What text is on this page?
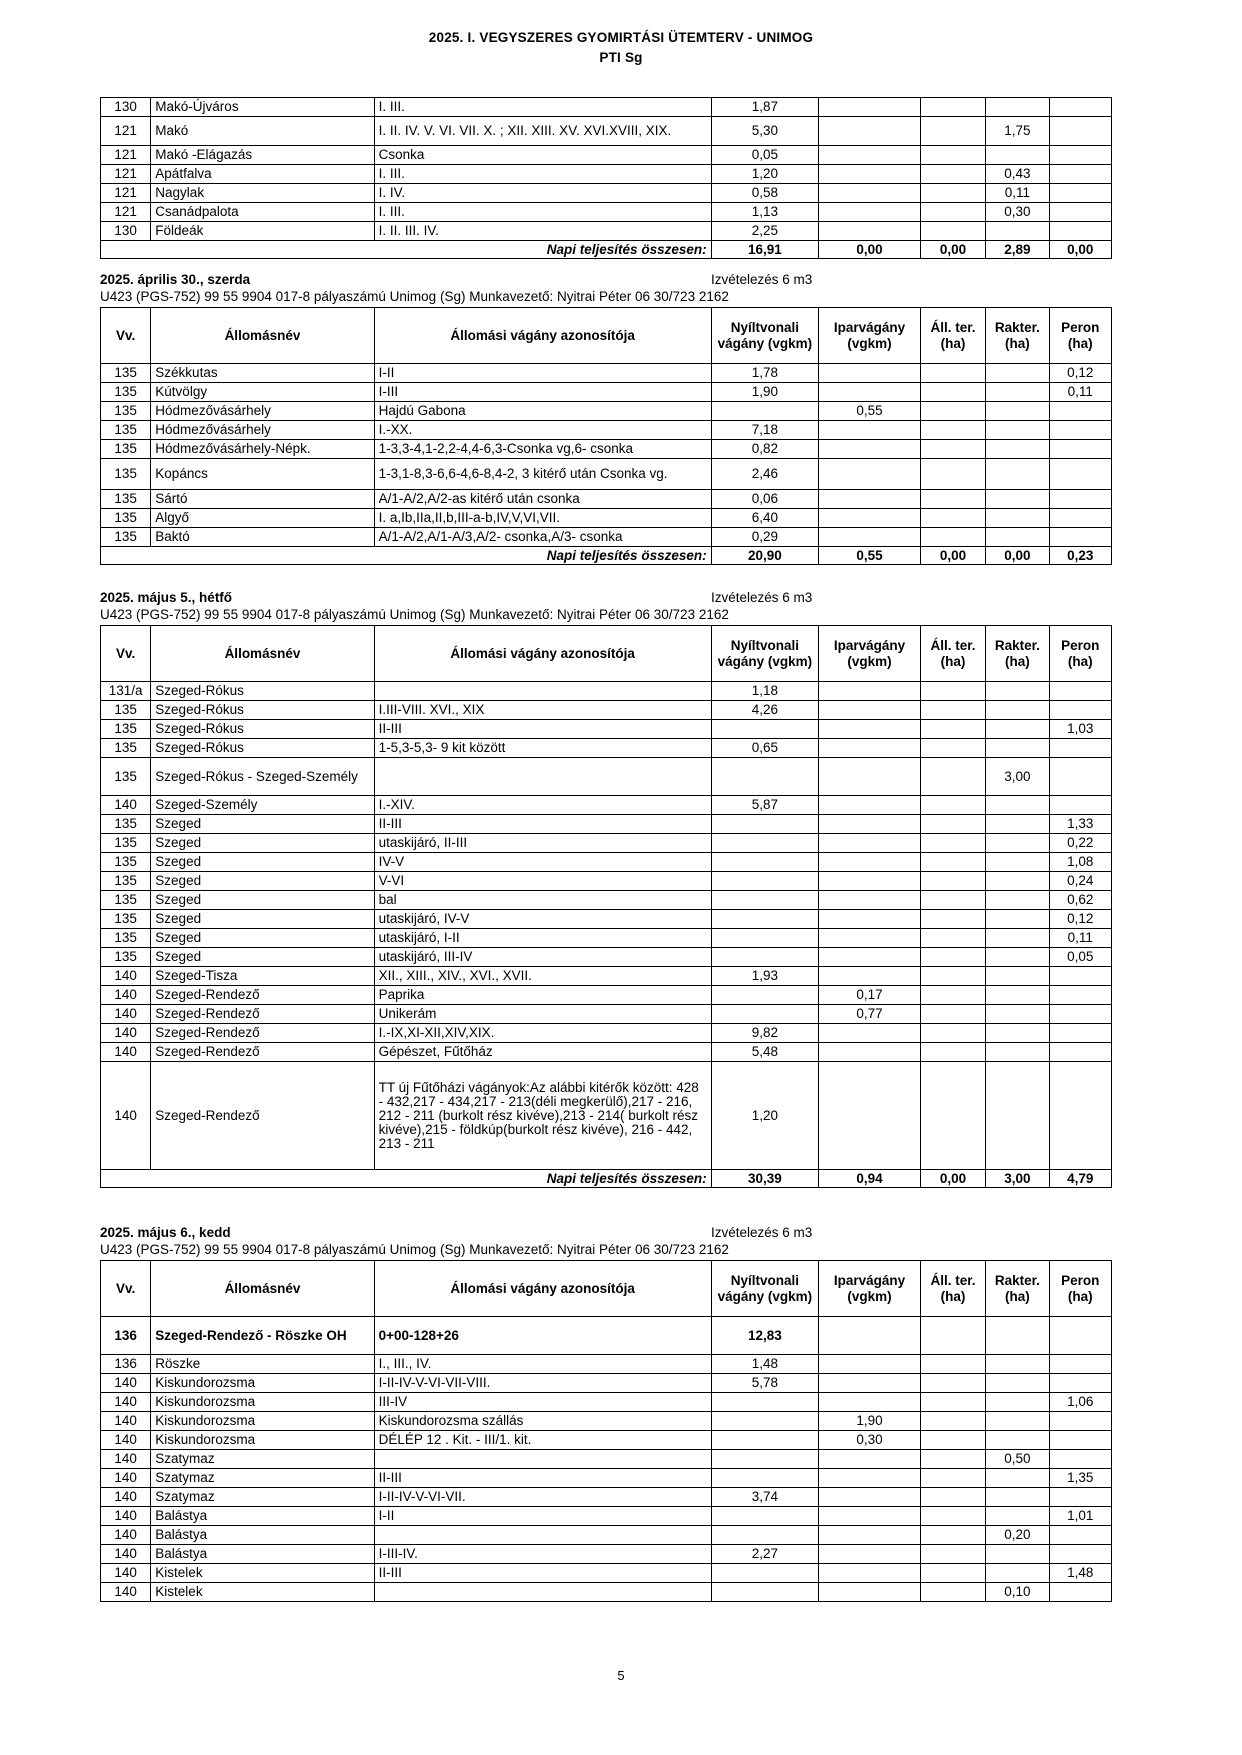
2025. I. VEGYSZERES GYOMIRTÁSI ÜTEMTERV - UNIMOG
PTI Sg
130	Makó-Újváros	I. III.	1,87				
121	Makó	I. II. IV. V. VI. VII. X. ; XII. XIII. XV. XVI.XVIII, XIX.	5,30			1,75	
121	Makó -Elágazás	Csonka	0,05				
121	Apátfalva	I. III.	1,20			0,43	
121	Nagylak	I. IV.	0,58			0,11	
121	Csanádpalota	I. III.	1,13			0,30	
130	Földeák	I. II. III. IV.	2,25				
Napi teljesítés összesen:			16,91	0,00	0,00	2,89	0,00
2025. április 30., szerda	Izvételezés 6 m3
U423 (PGS-752) 99 55 9904 017-8 pályaszámú Unimog (Sg) Munkavezető: Nyitrai Péter 06 30/723 2162
Vv.	Állomásnév	Állomási vágány azonosítója	Nyíltvonali vágány (vgkm)	Iparvágány (vgkm)	Áll. ter. (ha)	Rakter. (ha)	Peron (ha)
135	Székkutas	I-II	1,78				0,12
135	Kútvölgy	I-III	1,90				0,11
135	Hódmezővásárhely	Hajdú Gabona		0,55			
135	Hódmezővásárhely	I.-XX.	7,18				
135	Hódmezővásárhely-Népk.	1-3,3-4,1-2,2-4,4-6,3-Csonka vg,6- csonka	0,82				
135	Kopáncs	1-3,1-8,3-6,6-4,6-8,4-2, 3 kitérő után Csonka vg.	2,46				
135	Sártó	A/1-A/2,A/2-as kitérő után csonka	0,06				
135	Algyő	I. a,Ib,IIa,II,b,III-a-b,IV,V,VI,VII.	6,40				
135	Baktó	A/1-A/2,A/1-A/3,A/2- csonka,A/3- csonka	0,29				
Napi teljesítés összesen:			20,90	0,55	0,00	0,00	0,23
2025. május 5., hétfő	Izvételezés 6 m3
U423 (PGS-752) 99 55 9904 017-8 pályaszámú Unimog (Sg) Munkavezető: Nyitrai Péter 06 30/723 2162
Vv.	Állomásnév	Állomási vágány azonosítója	Nyíltvonali vágány (vgkm)	Iparvágány (vgkm)	Áll. ter. (ha)	Rakter. (ha)	Peron (ha)
131/a	Szeged-Rókus		1,18				
135	Szeged-Rókus	I.III-VIII. XVI., XIX	4,26				
135	Szeged-Rókus	II-III					1,03
135	Szeged-Rókus	1-5,3-5,3- 9 kit között	0,65				
135	Szeged-Rókus - Szeged-Személy					3,00	
140	Szeged-Személy	I.-XIV.	5,87				
135	Szeged	II-III					1,33
135	Szeged	utaskijáró, II-III					0,22
135	Szeged	IV-V					1,08
135	Szeged	V-VI					0,24
135	Szeged	bal					0,62
135	Szeged	utaskijáró, IV-V					0,12
135	Szeged	utaskijáró, I-II					0,11
135	Szeged	utaskijáró, III-IV					0,05
140	Szeged-Tisza	XII., XIII., XIV., XVI., XVII.	1,93				
140	Szeged-Rendező	Paprika		0,17			
140	Szeged-Rendező	Unikerám		0,77			
140	Szeged-Rendező	I.-IX,XI-XII,XIV,XIX.	9,82				
140	Szeged-Rendező	Gépészet, Fűtőház	5,48				
140	Szeged-Rendező	TT új Fűtőházi vágányok:Az alábbi kitérők között: 428 - 432,217 - 434,217 - 213(déli megkerülő),217 - 216, 212 - 211 (burkolt rész kivéve),213 - 214( burkolt rész kivéve),215 - földkúp(burkolt rész kivéve), 216 - 442, 213 - 211	1,20				
Napi teljesítés összesen:			30,39	0,94	0,00	3,00	4,79
2025. május 6., kedd	Izvételezés 6 m3
U423 (PGS-752) 99 55 9904 017-8 pályaszámú Unimog (Sg) Munkavezető: Nyitrai Péter 06 30/723 2162
Vv.	Állomásnév	Állomási vágány azonosítója	Nyíltvonali vágány (vgkm)	Iparvágány (vgkm)	Áll. ter. (ha)	Rakter. (ha)	Peron (ha)
136	Szeged-Rendező - Röszke OH	0+00-128+26	12,83				
136	Röszke	I., III., IV.	1,48				
140	Kiskundorozsma	I-II-IV-V-VI-VII-VIII.	5,78				
140	Kiskundorozsma	III-IV					1,06
140	Kiskundorozsma	Kiskundorozsma szállás		1,90			
140	Kiskundorozsma	DÉLÉP 12 . Kit. - III/1. kit.		0,30			
140	Szatymaz					0,50	
140	Szatymaz	II-III					1,35
140	Szatymaz	I-II-IV-V-VI-VII.	3,74				
140	Balástya	I-II					1,01
140	Balástya					0,20	
140	Balástya	I-III-IV.	2,27				
140	Kistelek	II-III					1,48
140	Kistelek					0,10	
5
